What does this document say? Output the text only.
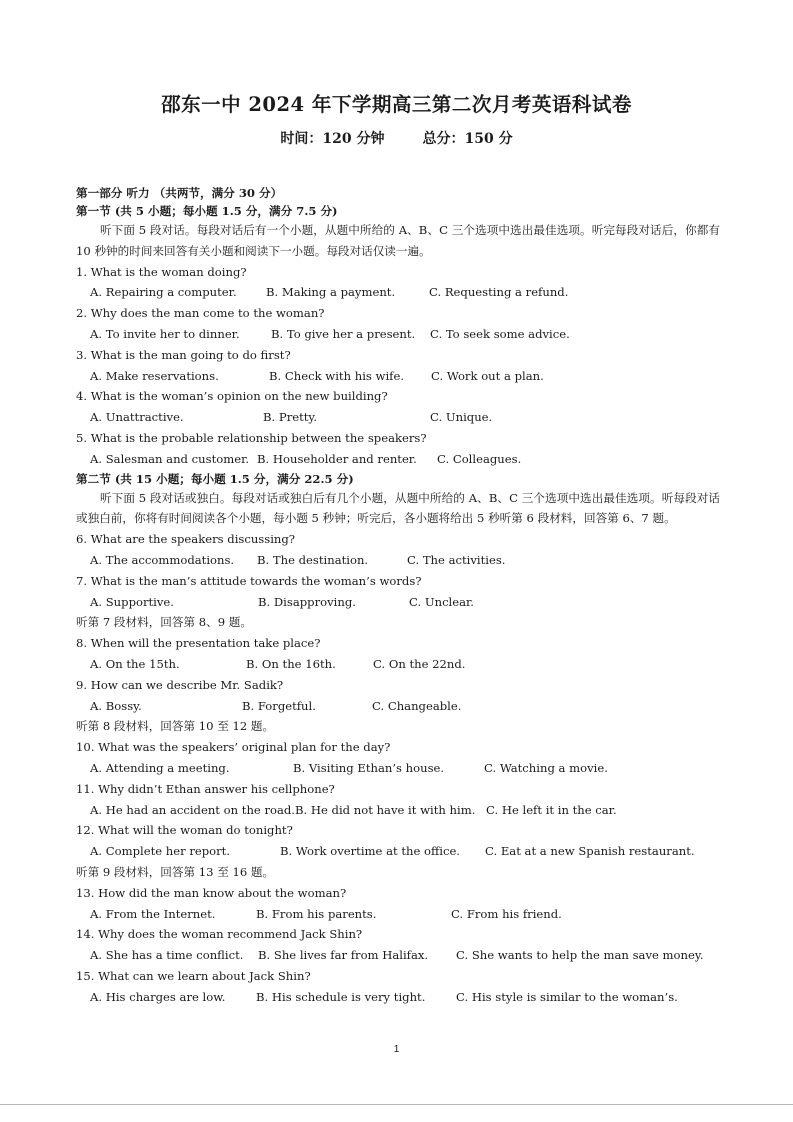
邵东一中 2024 年下学期高三第二次月考英语科试卷
时间：120 分钟	总分：150 分
第一部分 听力 （共两节，满分 30 分）
第一节 (共 5 小题；每小题 1.5 分，满分 7.5 分)

听下面 5 段对话。每段对话后有一个小题，从题中所给的 A、B、C 三个选项中选出最佳选项。听完每段对话后，你都有 10 秒钟的时间来回答有关小题和阅读下一小题。每段对话仅读一遍。

1. What is the woman doing?
A. Repairing a computer.	B. Making a payment.	C. Requesting a refund.
2. Why does the man come to the woman?
A. To invite her to dinner.	B. To give her a present. C. To seek some advice.
3. What is the man going to do first?
A. Make reservations.	B. Check with his wife. C. Work out a plan.
4. What is the woman’s opinion on the new building?
A. Unattractive.	B. Pretty.	C. Unique.
5. What is the probable relationship between the speakers?
A. Salesman and customer. B. Householder and renter. C. Colleagues.
第二节 (共 15 小题；每小题 1.5 分，满分 22.5 分)

听下面 5 段对话或独白。每段对话或独白后有几个小题，从题中所给的 A、B、C 三个选项中选出最佳选项。听每段对话或独白前，你将有时间阅读各个小题，每小题 5 秒钟；听完后，各小题将给出 5 秒听第 6 段材料，回答第 6、7 题。

6. What are the speakers discussing?
A. The accommodations. B. The destination.	C. The activities.
7. What is the man’s attitude towards the woman’s words?
A. Supportive.	B. Disapproving.	C. Unclear.
听第 7 段材料，回答第 8、9 题。
8. When will the presentation take place?
A. On the 15th.	B. On the 16th.	C. On the 22nd.
9. How can we describe Mr. Sadik?
A. Bossy.	B. Forgetful.	C. Changeable.
听第 8 段材料，回答第 10 至 12 题。
10. What was the speakers’ original plan for the day?
A. Attending a meeting.	B. Visiting Ethan’s house.	C. Watching a movie.
11. Why didn’t Ethan answer his cellphone?
A. He had an accident on the road. B. He did not have it with him. C. He left it in the car.
12. What will the woman do tonight?
A. Complete her report.	B. Work overtime at the office. C. Eat at a new Spanish restaurant.
听第 9 段材料，回答第 13 至 16 题。
13. How did the man know about the woman?
A. From the Internet.	B. From his parents.	C. From his friend.
14. Why does the woman recommend Jack Shin?
A. She has a time conflict. B. She lives far from Halifax. C. She wants to help the man save money.
15. What can we learn about Jack Shin?
A. His charges are low.	B. His schedule is very tight.	C. His style is similar to the woman’s.
1
